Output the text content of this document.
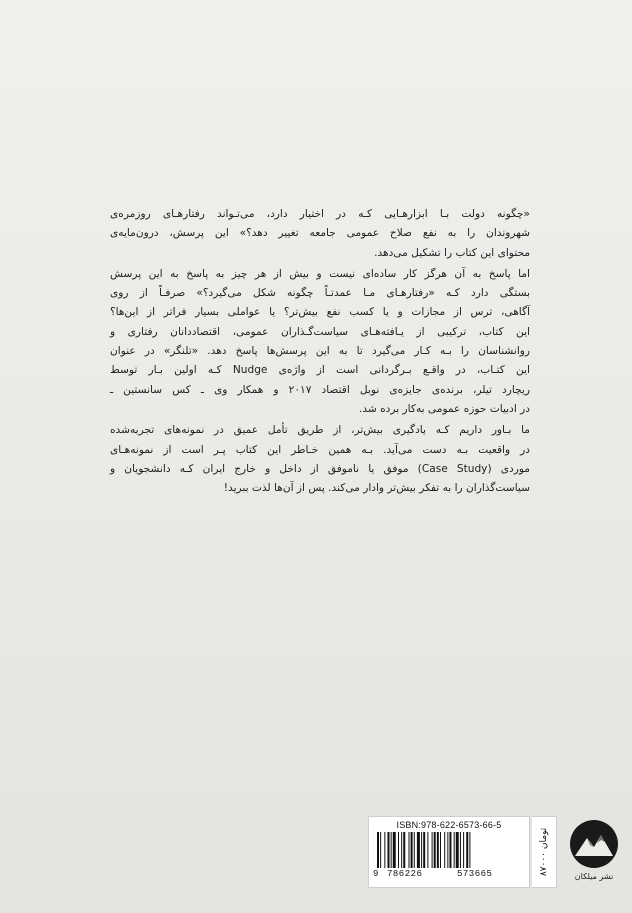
«چگونه دولت بـا ابزارهـایی کـه در اختیار دارد، می‌تـواند رفتارهـای روزمره‌ی
شهروندان را به نفع صلاح عمومی جامعه تغییر دهد؟» این پرسش، درون‌مایه‌ی
محتوای این کتاب را تشکیل می‌دهد.

اما پاسخ به آن هرگز کار ساده‌ای نیست و بیش از هر چیز به پاسخ به این پرسش
بستگی دارد کـه «رفتارهـای مـا عمدتـاً چگونه شکل می‌گیرد؟» صرفـاً از روی
آگاهی، ترس از مجازات و یا کسب نفع بیش‌تر؟ یا عواملی بسیار فراتر از این‌ها؟
این کتاب، ترکیبی از یـافته‌هـای سیاست‌گـذاران عمومی، اقتصاددانان رفتاری و
روانشناسان را بـه کـار می‌گیرد تا به این پرسش‌ها پاسخ دهد. «تلنگر» در عنوان
این کتـاب، در واقـع بـرگردانی است از واژه‌ی Nudge کـه اولین بـار توسط
ریچارد تیلر، برنده‌ی جایزه‌ی نوبل اقتصاد ۲۰۱۷ و همکار وی ـ کس سانستین ـ
در ادبیات حوزه عمومی به‌کار برده شد.

ما بـاور داریم کـه یادگیری بیش‌تر، از طریق تأمل عمیق در نمونه‌های تجربه‌شده
در واقعیت بـه دست می‌آید. بـه همین خـاطر این کتاب پـر است از نمونه‌هـای
موردی (Case Study) موفق یا ناموفق از داخل و خارج ایران کـه دانشجویان و
سیاست‌گذاران را به تفکر بیش‌تر وادار می‌کند. پس از آن‌ها لذت ببرید!

ISBN:978-622-6573-66-5
9 786226	573665	۸۷۰۰۰ تومان
نشر میلکان
